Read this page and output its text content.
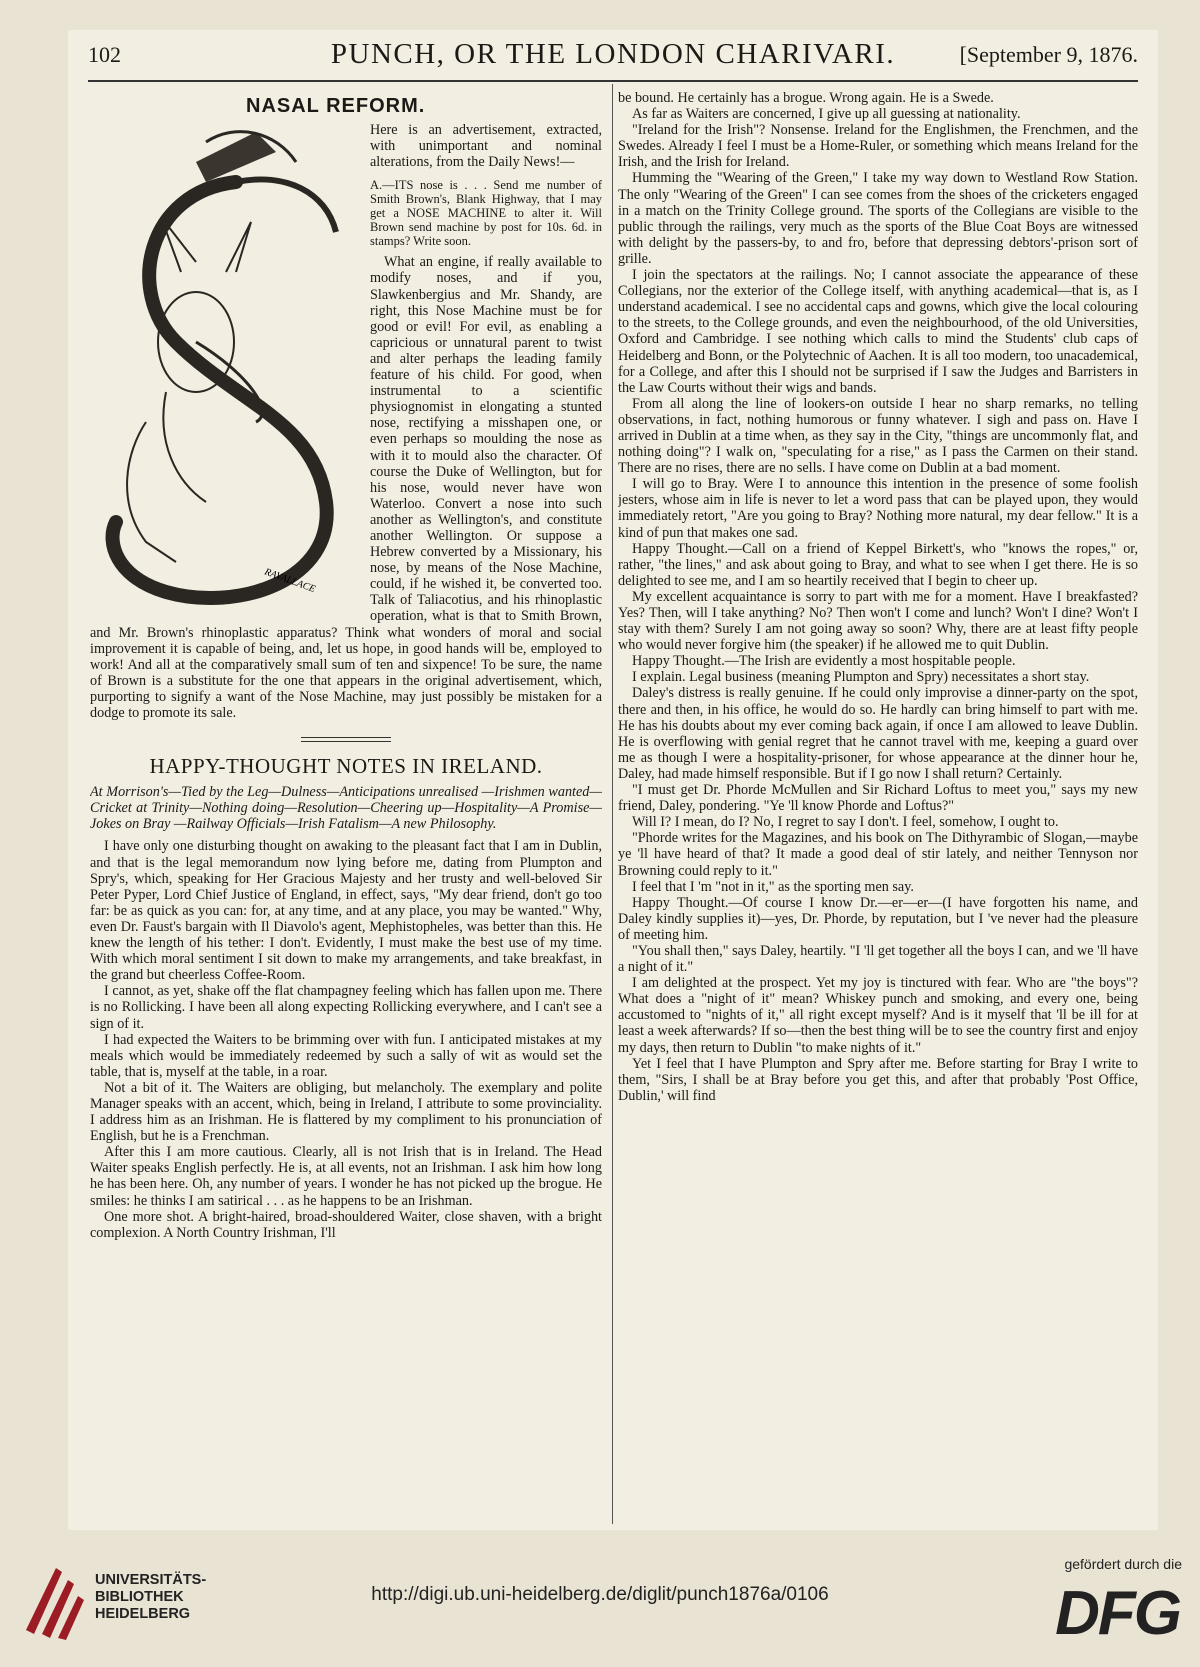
102	PUNCH, OR THE LONDON CHARIVARI.	[September 9, 1876.
NASAL REFORM.
RAVALLACE

Here is an advertisement, extracted, with unimportant and nominal alterations, from the Daily News!—

A.—ITS nose is . . . Send me number of Smith Brown's, Blank Highway, that I may get a NOSE MACHINE to alter it. Will Brown send machine by post for 10s. 6d. in stamps? Write soon.

What an engine, if really available to modify noses, and if you, Slawkenbergius and Mr. Shandy, are right, this Nose Machine must be for good or evil! For evil, as enabling a capricious or unnatural parent to twist and alter perhaps the leading family feature of his child. For good, when instrumental to a scientific physiognomist in elongating a stunted nose, rectifying a misshapen one, or even perhaps so moulding the nose as with it to mould also the character. Of course the Duke of Wellington, but for his nose, would never have won Waterloo. Convert a nose into such another as Wellington's, and constitute another Wellington. Or suppose a Hebrew converted by a Missionary, his nose, by means of the Nose Machine, could, if he wished it, be converted too. Talk of Taliacotius, and his rhinoplastic operation, what is that to Smith Brown, and Mr. Brown's rhinoplastic apparatus? Think what wonders of moral and social improvement it is capable of being, and, let us hope, in good hands will be, employed to work! And all at the comparatively small sum of ten and sixpence! To be sure, the name of Brown is a substitute for the one that appears in the original advertisement, which, purporting to signify a want of the Nose Machine, may just possibly be mistaken for a dodge to promote its sale.

HAPPY-THOUGHT NOTES IN IRELAND.

At Morrison's—Tied by the Leg—Dulness—Anticipations unrealised —Irishmen wanted—Cricket at Trinity—Nothing doing—Resolution—Cheering up—Hospitality—A Promise—Jokes on Bray —Railway Officials—Irish Fatalism—A new Philosophy.

I have only one disturbing thought on awaking to the pleasant fact that I am in Dublin, and that is the legal memorandum now lying before me, dating from Plumpton and Spry's, which, speaking for Her Gracious Majesty and her trusty and well-beloved Sir Peter Pyper, Lord Chief Justice of England, in effect, says, "My dear friend, don't go too far: be as quick as you can: for, at any time, and at any place, you may be wanted." Why, even Dr. Faust's bargain with Il Diavolo's agent, Mephistopheles, was better than this. He knew the length of his tether: I don't. Evidently, I must make the best use of my time. With which moral sentiment I sit down to make my arrangements, and take breakfast, in the grand but cheerless Coffee-Room.

I cannot, as yet, shake off the flat champagney feeling which has fallen upon me. There is no Rollicking. I have been all along expecting Rollicking everywhere, and I can't see a sign of it.

I had expected the Waiters to be brimming over with fun. I anticipated mistakes at my meals which would be immediately redeemed by such a sally of wit as would set the table, that is, myself at the table, in a roar.

Not a bit of it. The Waiters are obliging, but melancholy. The exemplary and polite Manager speaks with an accent, which, being in Ireland, I attribute to some provinciality. I address him as an Irishman. He is flattered by my compliment to his pronunciation of English, but he is a Frenchman.

After this I am more cautious. Clearly, all is not Irish that is in Ireland. The Head Waiter speaks English perfectly. He is, at all events, not an Irishman. I ask him how long he has been here. Oh, any number of years. I wonder he has not picked up the brogue. He smiles: he thinks I am satirical . . . as he happens to be an Irishman.

One more shot. A bright-haired, broad-shouldered Waiter, close shaven, with a bright complexion. A North Country Irishman, I'll

be bound. He certainly has a brogue. Wrong again. He is a Swede.

As far as Waiters are concerned, I give up all guessing at nationality.

"Ireland for the Irish"? Nonsense. Ireland for the Englishmen, the Frenchmen, and the Swedes. Already I feel I must be a Home-Ruler, or something which means Ireland for the Irish, and the Irish for Ireland.

Humming the "Wearing of the Green," I take my way down to Westland Row Station. The only "Wearing of the Green" I can see comes from the shoes of the cricketers engaged in a match on the Trinity College ground. The sports of the Collegians are visible to the public through the railings, very much as the sports of the Blue Coat Boys are witnessed with delight by the passers-by, to and fro, before that depressing debtors'-prison sort of grille.

I join the spectators at the railings. No; I cannot associate the appearance of these Collegians, nor the exterior of the College itself, with anything academical—that is, as I understand academical. I see no accidental caps and gowns, which give the local colouring to the streets, to the College grounds, and even the neighbourhood, of the old Universities, Oxford and Cambridge. I see nothing which calls to mind the Students' club caps of Heidelberg and Bonn, or the Polytechnic of Aachen. It is all too modern, too unacademical, for a College, and after this I should not be surprised if I saw the Judges and Barristers in the Law Courts without their wigs and bands.

From all along the line of lookers-on outside I hear no sharp remarks, no telling observations, in fact, nothing humorous or funny whatever. I sigh and pass on. Have I arrived in Dublin at a time when, as they say in the City, "things are uncommonly flat, and nothing doing"? I walk on, "speculating for a rise," as I pass the Carmen on their stand. There are no rises, there are no sells. I have come on Dublin at a bad moment.

I will go to Bray. Were I to announce this intention in the presence of some foolish jesters, whose aim in life is never to let a word pass that can be played upon, they would immediately retort, "Are you going to Bray? Nothing more natural, my dear fellow." It is a kind of pun that makes one sad.

Happy Thought.—Call on a friend of Keppel Birkett's, who "knows the ropes," or, rather, "the lines," and ask about going to Bray, and what to see when I get there. He is so delighted to see me, and I am so heartily received that I begin to cheer up.

My excellent acquaintance is sorry to part with me for a moment. Have I breakfasted? Yes? Then, will I take anything? No? Then won't I come and lunch? Won't I dine? Won't I stay with them? Surely I am not going away so soon? Why, there are at least fifty people who would never forgive him (the speaker) if he allowed me to quit Dublin.

Happy Thought.—The Irish are evidently a most hospitable people.

I explain. Legal business (meaning Plumpton and Spry) necessitates a short stay.

Daley's distress is really genuine. If he could only improvise a dinner-party on the spot, there and then, in his office, he would do so. He hardly can bring himself to part with me. He has his doubts about my ever coming back again, if once I am allowed to leave Dublin. He is overflowing with genial regret that he cannot travel with me, keeping a guard over me as though I were a hospitality-prisoner, for whose appearance at the dinner hour he, Daley, had made himself responsible. But if I go now I shall return? Certainly.

"I must get Dr. Phorde McMullen and Sir Richard Loftus to meet you," says my new friend, Daley, pondering. "Ye 'll know Phorde and Loftus?"

Will I? I mean, do I? No, I regret to say I don't. I feel, somehow, I ought to.

"Phorde writes for the Magazines, and his book on The Dithyrambic of Slogan,—maybe ye 'll have heard of that? It made a good deal of stir lately, and neither Tennyson nor Browning could reply to it."

I feel that I 'm "not in it," as the sporting men say.

Happy Thought.—Of course I know Dr.—er—er—(I have forgotten his name, and Daley kindly supplies it)—yes, Dr. Phorde, by reputation, but I 've never had the pleasure of meeting him.

"You shall then," says Daley, heartily. "I 'll get together all the boys I can, and we 'll have a night of it."

I am delighted at the prospect. Yet my joy is tinctured with fear. Who are "the boys"? What does a "night of it" mean? Whiskey punch and smoking, and every one, being accustomed to "nights of it," all right except myself? And is it myself that 'll be ill for at least a week afterwards? If so—then the best thing will be to see the country first and enjoy my days, then return to Dublin "to make nights of it."

Yet I feel that I have Plumpton and Spry after me. Before starting for Bray I write to them, "Sirs, I shall be at Bray before you get this, and after that probably 'Post Office, Dublin,' will find

UNIVERSITÄTS-
BIBLIOTHEK
HEIDELBERG
http://digi.ub.uni-heidelberg.de/diglit/punch1876a/0106
gefördert durch die
DFG
